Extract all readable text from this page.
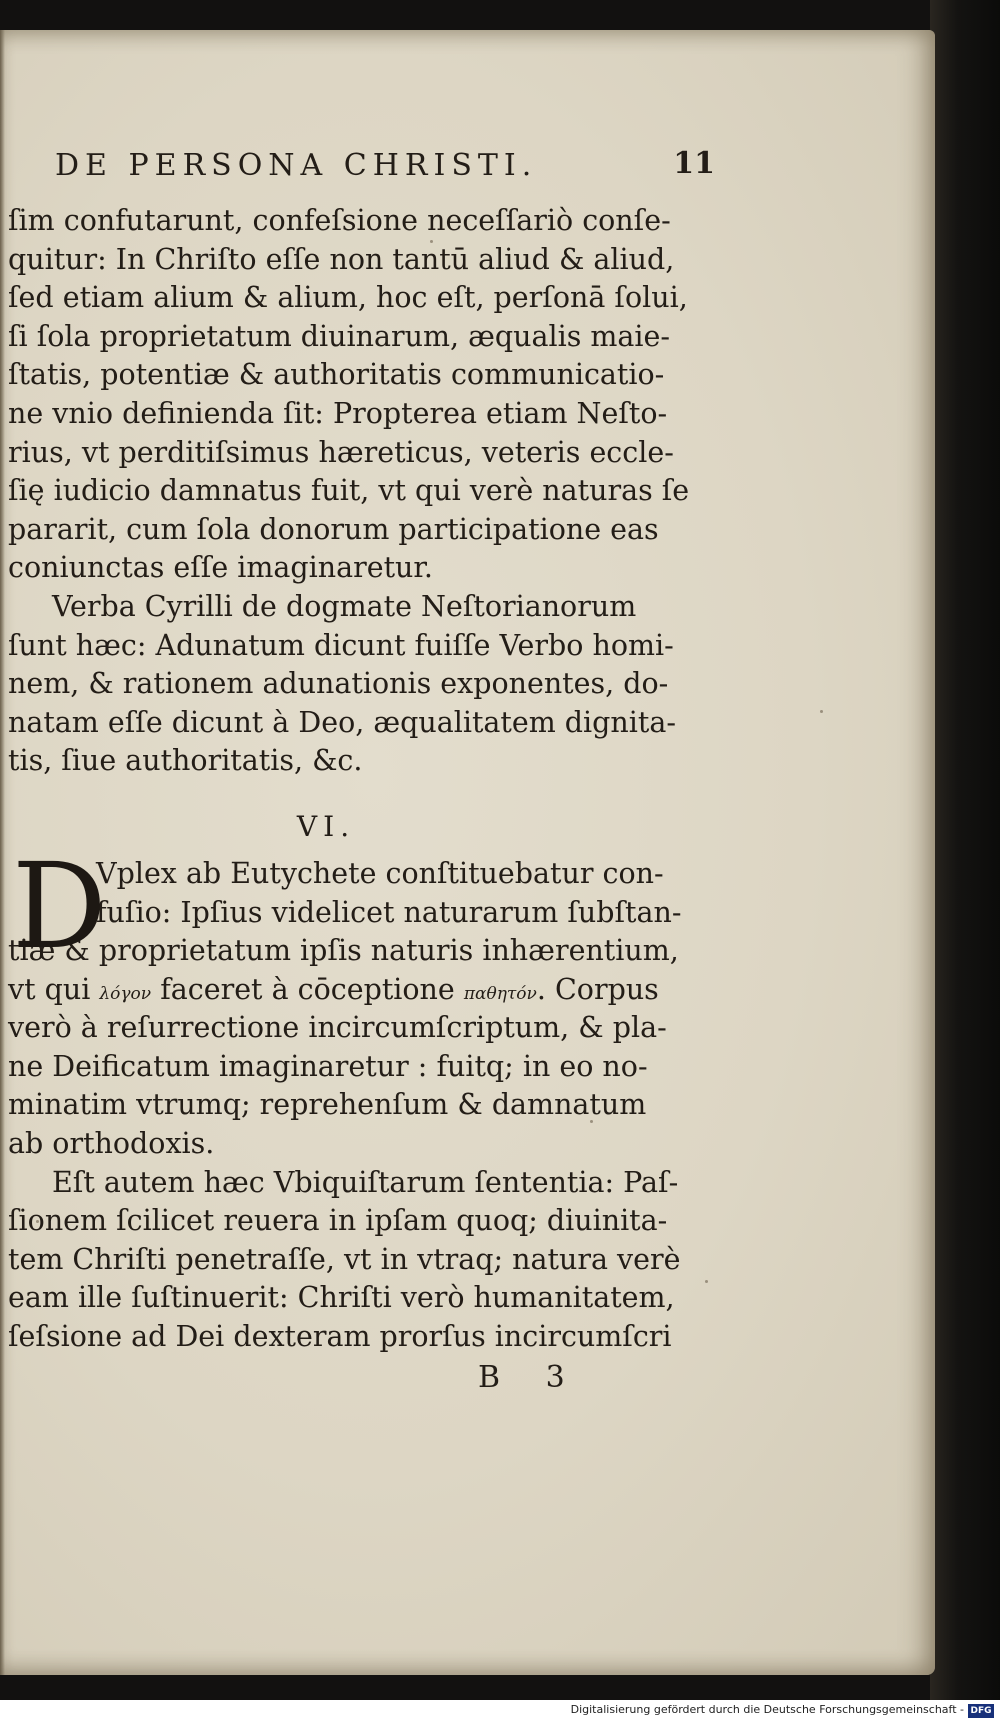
DE PERSONA CHRISTI.	11
ſim confutarunt, confeſsione neceſſariò conſe-
quitur: In Chriſto eſſe non tantū aliud & aliud,
ſed etiam alium & alium, hoc eſt, perſonā ſolui,
ſi ſola proprietatum diuinarum, æqualis maie-
ſtatis, potentiæ & authoritatis communicatio-
ne vnio definienda ſit: Propterea etiam Neſto-
rius, vt perditiſsimus hæreticus, veteris eccle-
ſię iudicio damnatus fuit, vt qui verè naturas ſe
pararit, cum ſola donorum participatione eas
coniunctas eſſe imaginaretur.
Verba Cyrilli de dogmate Neſtorianorum
ſunt hæc: Adunatum dicunt fuiſſe Verbo homi-
nem, & rationem adunationis exponentes, do-
natam eſſe dicunt à Deo, æqualitatem dignita-
tis, ſiue authoritatis, &c.
VI.
D
Vplex ab Eutychete conſtituebatur con-
fuſio: Ipſius videlicet naturarum ſubſtan-
tiæ & proprietatum ipſis naturis inhærentium,
vt qui λόγον faceret à cōceptione παθητόν. Corpus
verò à reſurrectione incircumſcriptum, & pla-
ne Deificatum imaginaretur : fuitq; in eo no-
minatim vtrumq; reprehenſum & damnatum
ab orthodoxis.
Eſt autem hæc Vbiquiſtarum ſententia: Paſ-
ſionem ſcilicet reuera in ipſam quoq; diuinita-
tem Chriſti penetraſſe, vt in vtraq; natura verè
eam ille ſuſtinuerit: Chriſti verò humanitatem,
ſeſsione ad Dei dexteram prorſus incircumſcri
B 3
Digitalisierung gefördert durch die Deutsche Forschungsgemeinschaft - DFG
